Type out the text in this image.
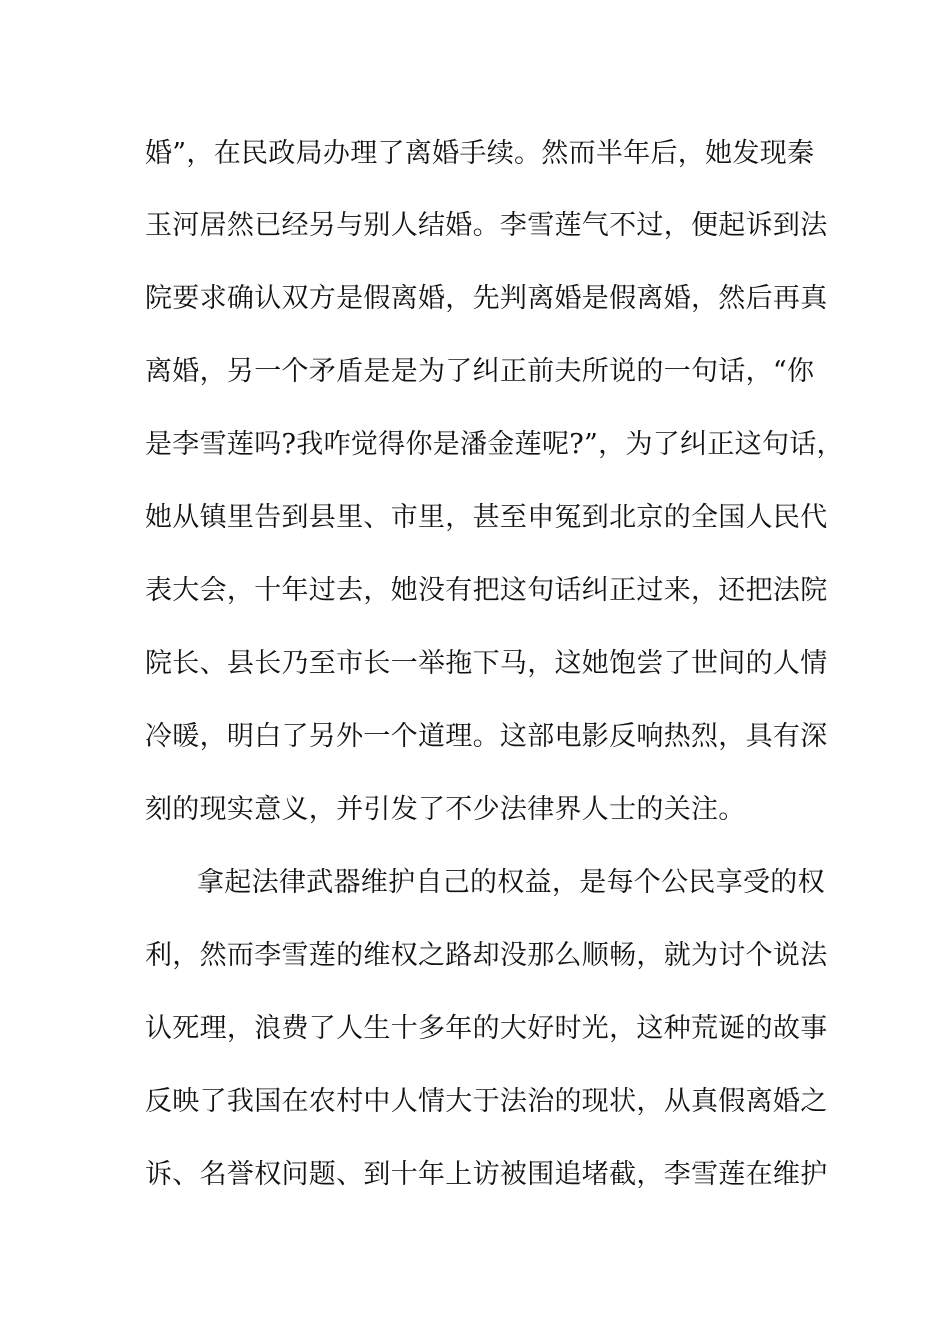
婚”，在民政局办理了离婚手续。然而半年后，她发现秦
玉河居然已经另与别人结婚。李雪莲气不过，便起诉到法
院要求确认双方是假离婚，先判离婚是假离婚，然后再真
离婚，另一个矛盾是是为了纠正前夫所说的一句话，“你
是李雪莲吗?我咋觉得你是潘金莲呢?”，为了纠正这句话，
她从镇里告到县里、市里，甚至申冤到北京的全国人民代
表大会，十年过去，她没有把这句话纠正过来，还把法院
院长、县长乃至市长一举拖下马，这她饱尝了世间的人情
冷暖，明白了另外一个道理。这部电影反响热烈，具有深
刻的现实意义，并引发了不少法律界人士的关注。
拿起法律武器维护自己的权益，是每个公民享受的权
利，然而李雪莲的维权之路却没那么顺畅，就为讨个说法
认死理，浪费了人生十多年的大好时光，这种荒诞的故事
反映了我国在农村中人情大于法治的现状，从真假离婚之
诉、名誉权问题、到十年上访被围追堵截，李雪莲在维护
